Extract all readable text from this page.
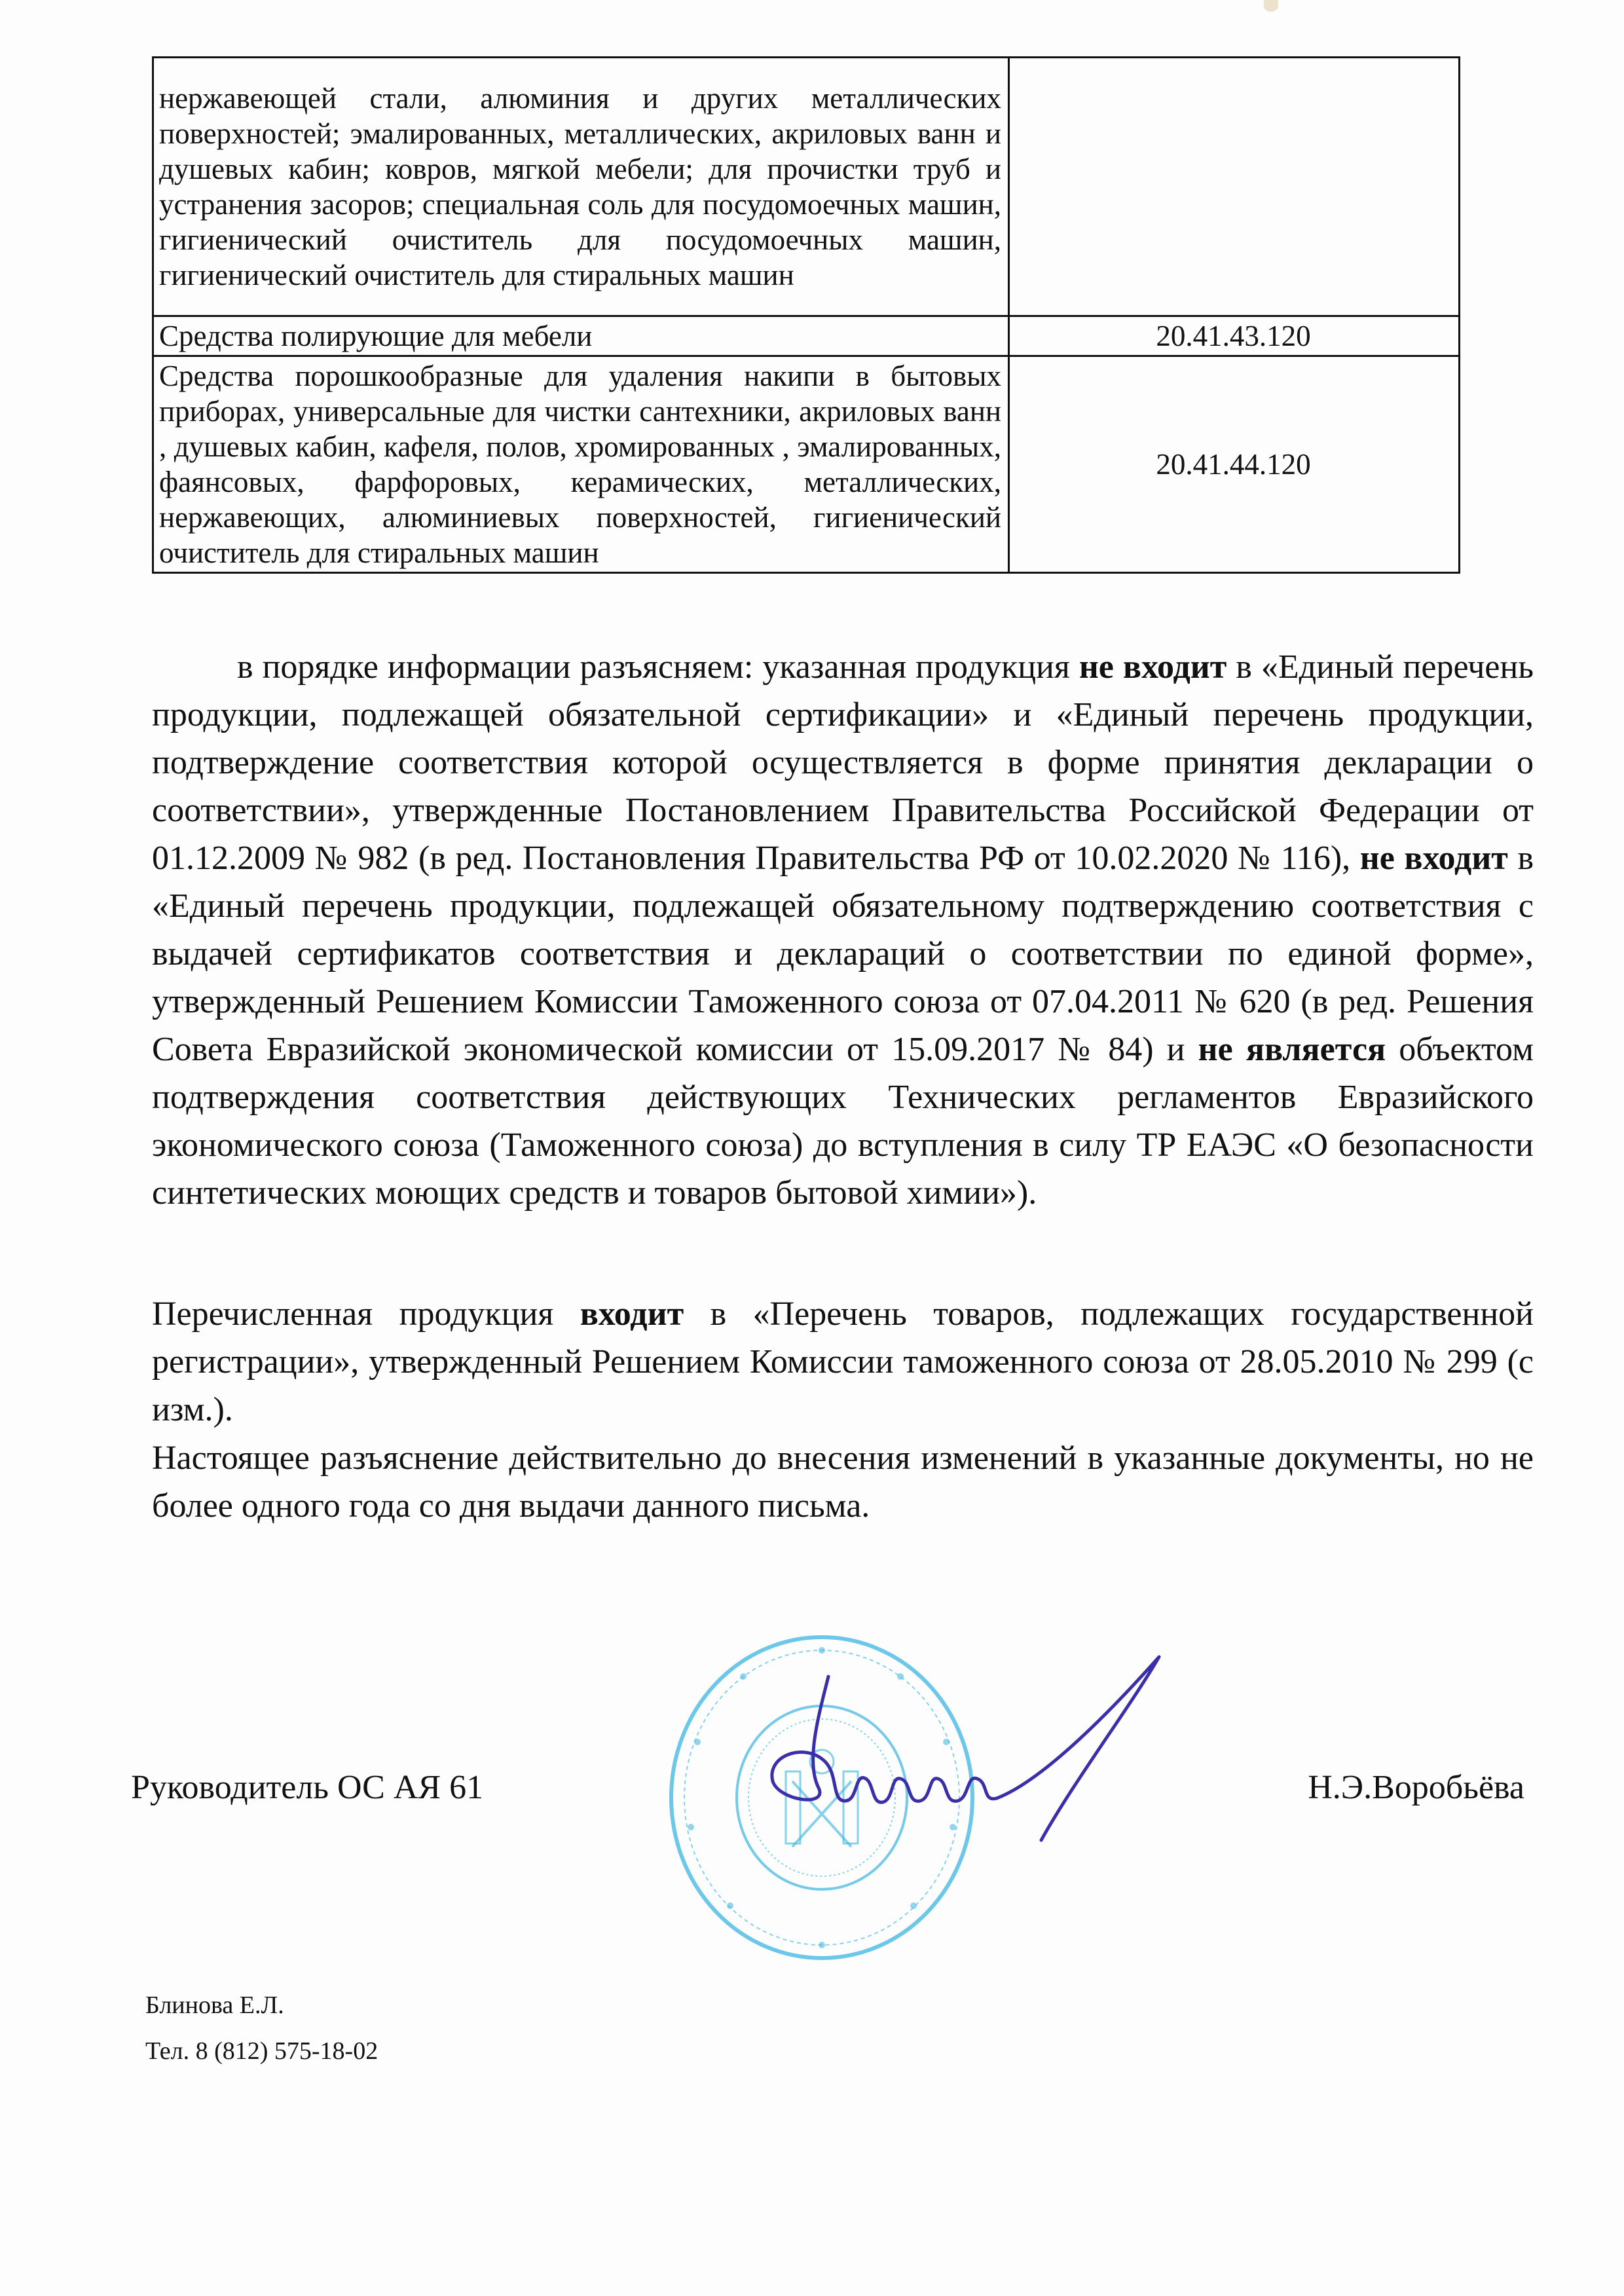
нержавеющей стали, алюминия и других металлических поверхностей; эмалированных, металлических, акриловых ванн и душевых кабин; ковров, мягкой мебели; для прочистки труб и устранения засоров; специальная соль для посудомоечных машин, гигиенический очиститель для посудомоечных машин, гигиенический очиститель для стиральных машин	
Средства полирующие для мебели	20.41.43.120
Средства порошкообразные для удаления накипи в бытовых приборах, универсальные для чистки сантехники, акриловых ванн , душевых кабин, кафеля, полов, хромированных , эмалированных, фаянсовых, фарфоровых, керамических, металлических, нержавеющих, алюминиевых поверхностей, гигиенический очиститель для стиральных машин	20.41.44.120
в порядке информации разъясняем: указанная продукция не входит в «Единый перечень продукции, подлежащей обязательной сертификации» и «Единый перечень продукции, подтверждение соответствия которой осуществляется в форме принятия декларации о соответствии», утвержденные Постановлением Правительства Российской Федерации от 01.12.2009 № 982 (в ред. Постановления Правительства РФ от 10.02.2020 № 116), не входит в «Единый перечень продукции, подлежащей обязательному подтверждению соответствия с выдачей сертификатов соответствия и деклараций о соответствии по единой форме», утвержденный Решением Комиссии Таможенного союза от 07.04.2011 № 620 (в ред. Решения Совета Евразийской экономической комиссии от 15.09.2017 № 84) и не является объектом подтверждения соответствия действующих Технических регламентов Евразийского экономического союза (Таможенного союза) до вступления в силу ТР ЕАЭС «О безопасности синтетических моющих средств и товаров бытовой химии»).
Перечисленная продукция входит в «Перечень товаров, подлежащих государственной регистрации», утвержденный Решением Комиссии таможенного союза от 28.05.2010 № 299 (с изм.).
Настоящее разъяснение действительно до внесения изменений в указанные документы, но не более одного года со дня выдачи данного письма.
Руководитель ОС АЯ 61	Н.Э.Воробьёва
Блинова Е.Л.
Тел. 8 (812) 575-18-02
